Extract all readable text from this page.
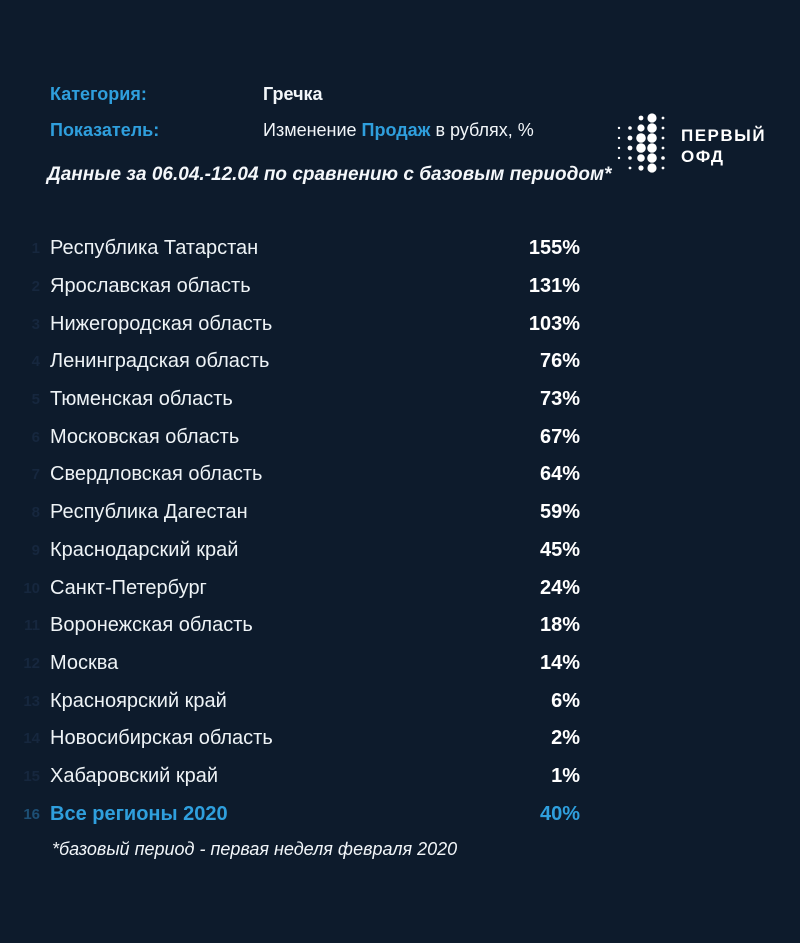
ПЕРВЫЙ
ОФД
Категория:	Гречка
Показатель:	Изменение Продаж в рублях, %
Данные за 06.04.-12.04 по сравнению с базовым периодом*
1 Республика Татарстан	155%
2 Ярославская область	131%
3 Нижегородская область	103%
4 Ленинградская область	76%
5 Тюменская область	73%
6 Московская область	67%
7 Свердловская область	64%
8 Республика Дагестан	59%
9 Краснодарский край	45%
10 Санкт-Петербург	24%
11 Воронежская область	18%
12 Москва	14%
13 Красноярский край	6%
14 Новосибирская область	2%
15 Хабаровский край	1%
16 Все регионы 2020	40%
*базовый период - первая неделя февраля 2020
